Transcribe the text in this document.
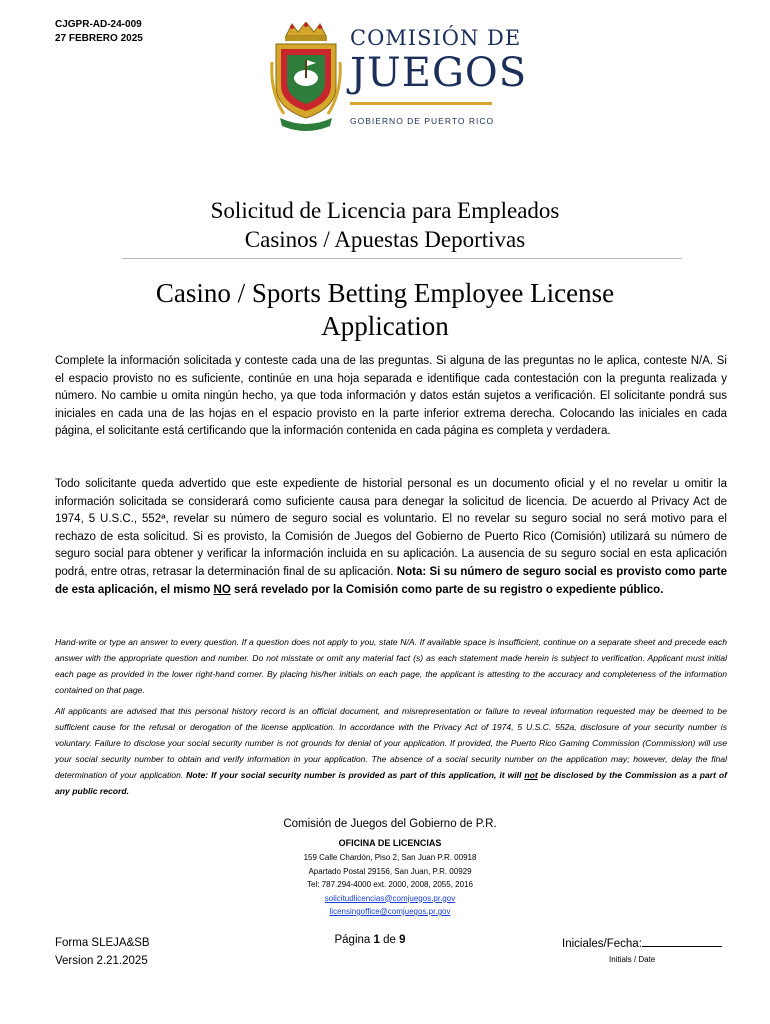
CJGPR-AD-24-009
27 FEBRERO 2025	COMISIÓN DE
JUEGOS
GOBIERNO DE PUERTO RICO
Solicitud de Licencia para Empleados
Casinos / Apuestas Deportivas
Casino / Sports Betting Employee License
Application
Complete la información solicitada y conteste cada una de las preguntas. Si alguna de las preguntas no le aplica, conteste N/A. Si el espacio provisto no es suficiente, continúe en una hoja separada e identifique cada contestación con la pregunta realizada y número. No cambie u omita ningún hecho, ya que toda información y datos están sujetos a verificación. El solicitante pondrá sus iniciales en cada una de las hojas en el espacio provisto en la parte inferior extrema derecha. Colocando las iniciales en cada página, el solicitante está certificando que la información contenida en cada página es completa y verdadera.
Todo solicitante queda advertido que este expediente de historial personal es un documento oficial y el no revelar u omitir la información solicitada se considerará como suficiente causa para denegar la solicitud de licencia. De acuerdo al Privacy Act de 1974, 5 U.S.C., 552ª, revelar su número de seguro social es voluntario. El no revelar su seguro social no será motivo para el rechazo de esta solicitud. Si es provisto, la Comisión de Juegos del Gobierno de Puerto Rico (Comisión) utilizará su número de seguro social para obtener y verificar la información incluida en su aplicación. La ausencia de su seguro social en esta aplicación podrá, entre otras, retrasar la determinación final de su aplicación. Nota: Si su número de seguro social es provisto como parte de esta aplicación, el mismo NO será revelado por la Comisión como parte de su registro o expediente público.
Hand-write or type an answer to every question. If a question does not apply to you, state N/A. If available space is insufficient, continue on a separate sheet and precede each answer with the appropriate question and number. Do not misstate or omit any material fact (s) as each statement made herein is subject to verification. Applicant must initial each page as provided in the lower right-hand corner. By placing his/her initials on each page, the applicant is attesting to the accuracy and completeness of the information contained on that page.
All applicants are advised that this personal history record is an official document, and misrepresentation or failure to reveal information requested may be deemed to be sufficient cause for the refusal or derogation of the license application. In accordance with the Privacy Act of 1974, 5 U.S.C. 552a, disclosure of your security number is voluntary. Failure to disclose your social security number is not grounds for denial of your application. If provided, the Puerto Rico Gaming Commission (Commission) will use your social security number to obtain and verify information in your application. The absence of a social security number on the application may; however, delay the final determination of your application. Note: If your social security number is provided as part of this application, it will not be disclosed by the Commission as a part of any public record.
Comisión de Juegos del Gobierno de P.R.
OFICINA DE LICENCIAS
159 Calle Chardón, Piso 2, San Juan P.R. 00918
Apartado Postal 29156, San Juan, P.R. 00929
Tel: 787.294-4000 ext. 2000, 2008, 2055, 2016
solicitudlicencias@comjuegos.pr.gov
licensingoffice@comjuegos.pr.gov
Forma SLEJA&SB
Version 2.21.2025
Página 1 de 9	Iniciales/Fecha:
Initials / Date
